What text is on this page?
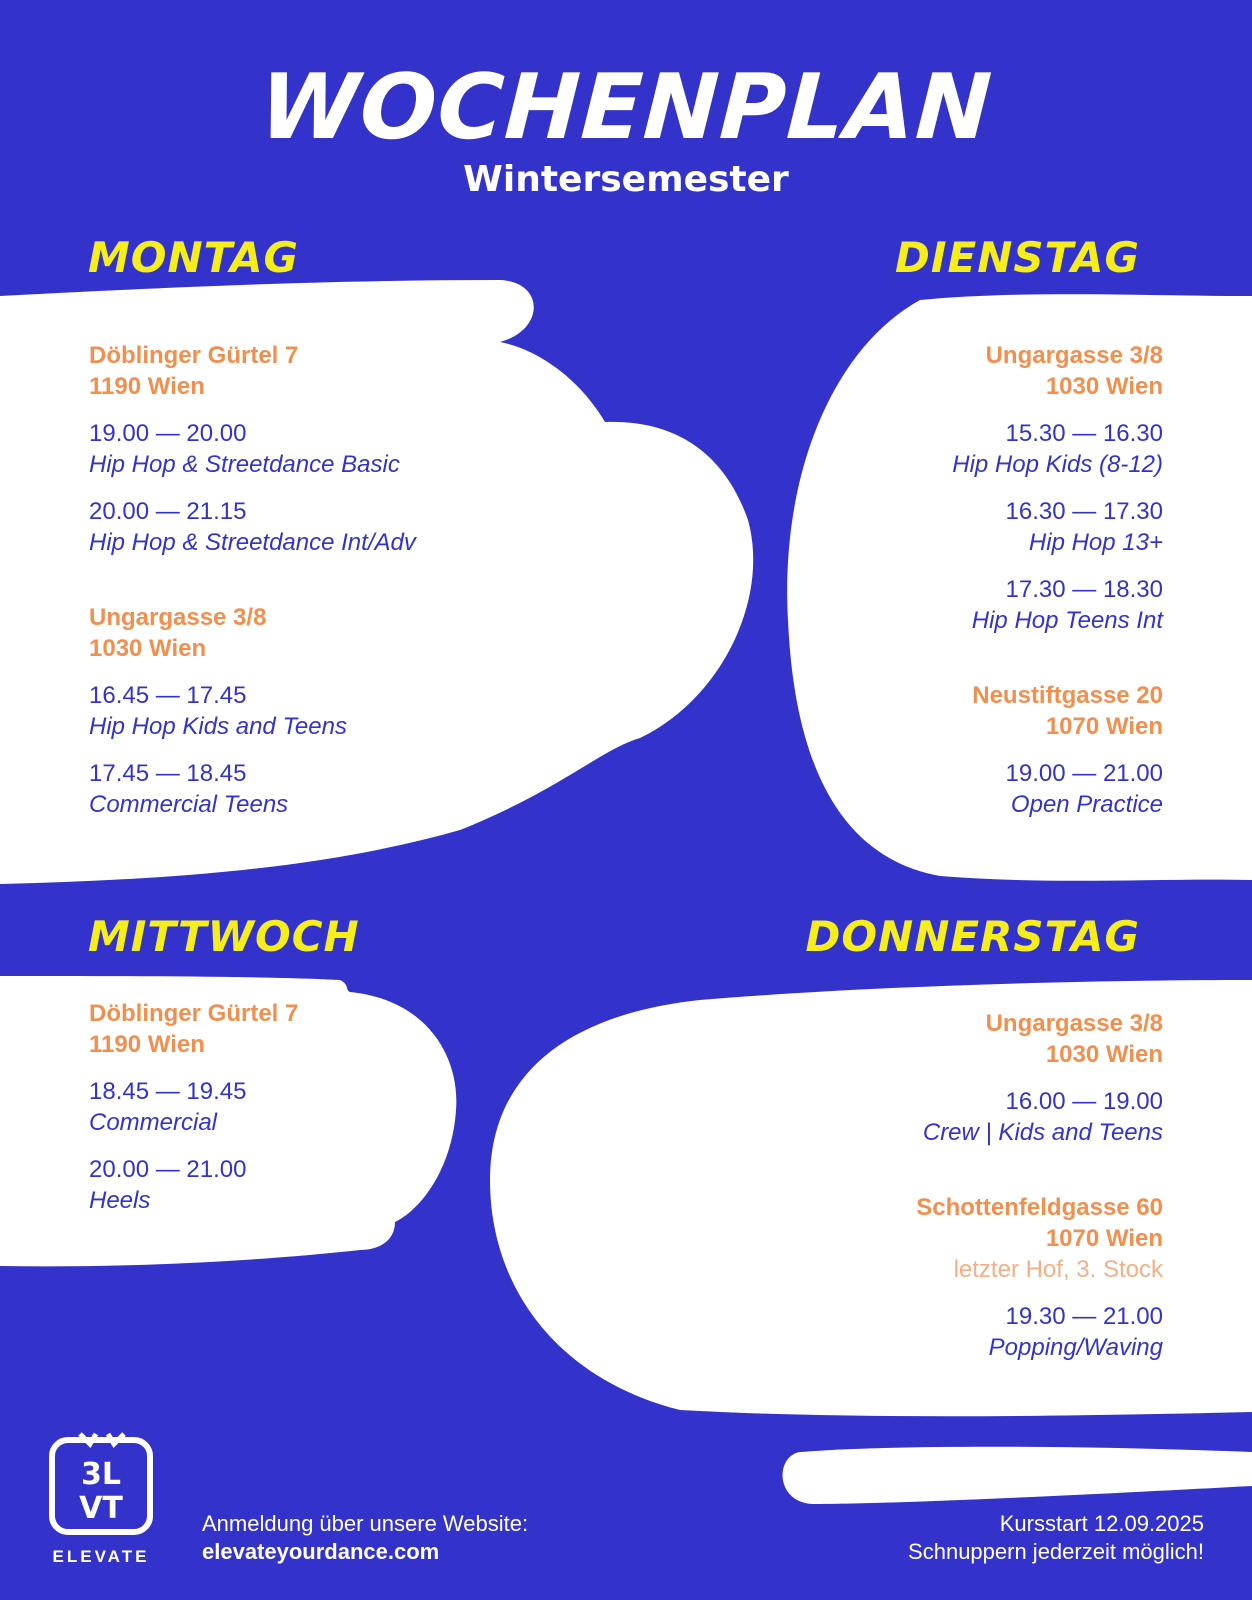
WOCHENPLAN
Wintersemester
MONTAG	DIENSTAG
MITTWOCH	DONNERSTAG

Döblinger Gürtel 7

1190 Wien

19.00 — 20.00

Hip Hop & Streetdance Basic

20.00 — 21.15

Hip Hop & Streetdance Int/Adv

Ungargasse 3/8

1030 Wien

16.45 — 17.45

Hip Hop Kids and Teens

17.45 — 18.45

Commercial Teens

Ungargasse 3/8

1030 Wien

15.30 — 16.30

Hip Hop Kids (8-12)

16.30 — 17.30

Hip Hop 13+

17.30 — 18.30

Hip Hop Teens Int

Neustiftgasse 20

1070 Wien

19.00 — 21.00

Open Practice

Döblinger Gürtel 7

1190 Wien

18.45 — 19.45

Commercial

20.00 — 21.00

Heels

Ungargasse 3/8

1030 Wien

16.00 — 19.00

Crew | Kids and Teens

Schottenfeldgasse 60

1070 Wien

letzter Hof, 3. Stock

19.30 — 21.00

Popping/Waving

3L
VT
ELEVATE
Anmeldung über unsere Website:
elevateyourdance.com
Kursstart 12.09.2025
Schnuppern jederzeit möglich!
